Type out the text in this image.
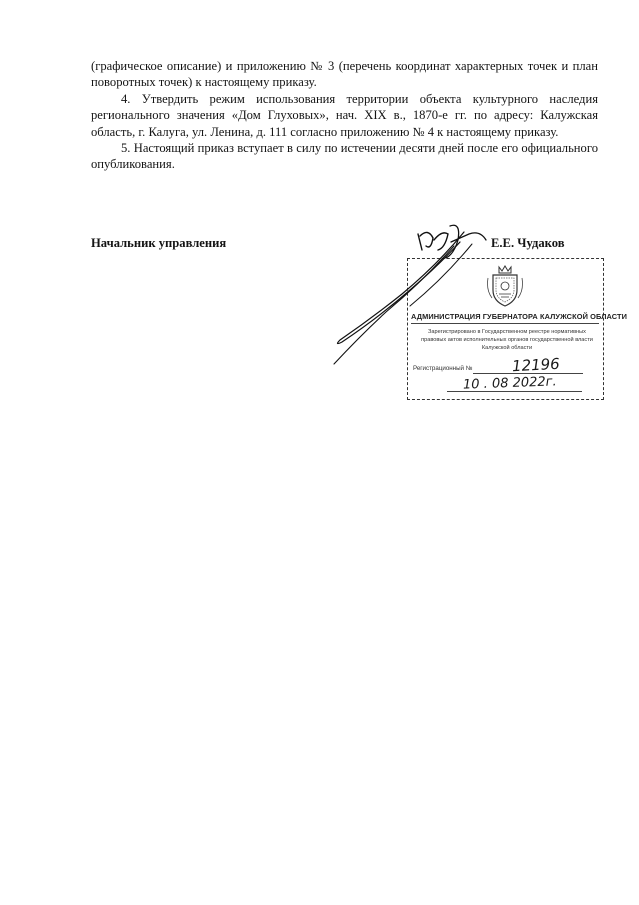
(графическое описание) и приложению № 3 (перечень координат характерных точек и план поворотных точек) к настоящему приказу.

4. Утвердить режим использования территории объекта культурного наследия регионального значения «Дом Глуховых», нач. XIX в., 1870-е гг. по адресу: Калужская область, г. Калуга, ул. Ленина, д. 111 согласно приложению № 4 к настоящему приказу.

5. Настоящий приказ вступает в силу по истечении десяти дней после его официального опубликования.

Начальник управления
АДМИНИСТРАЦИЯ ГУБЕРНАТОРА КАЛУЖСКОЙ ОБЛАСТИ
Зарегистрировано в Государственном реестре нормативных правовых актов исполнительных органов государственной власти Калужской области
Регистрационный №	12196
10 . 08 2022г.
Е.Е. Чудаков
